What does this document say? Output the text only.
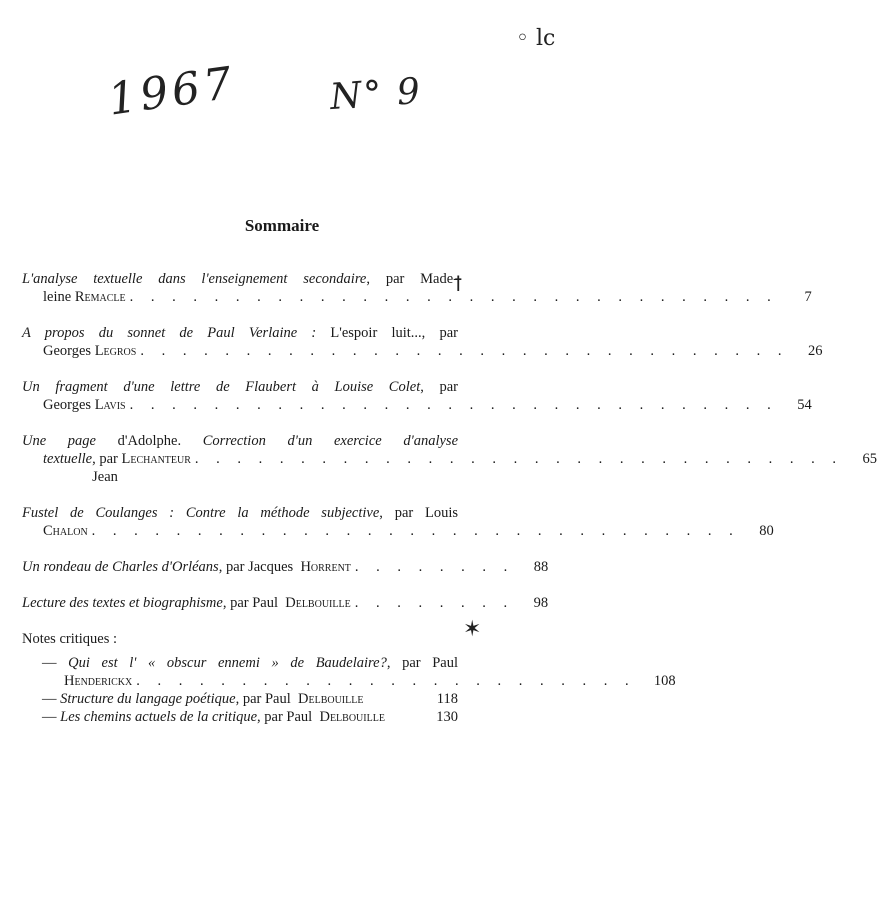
1967 N° 9
◦ lc
ꝉ
✶
Sommaire
L'analyse textuelle dans l'enseignement secondaire, par Made-
leine
Remacle . . . . . . . . . . . . . . . . . . . . . . . . . . . . . . .	7
A propos du sonnet de Paul Verlaine : L'espoir luit..., par
Georges
Legros . . . . . . . . . . . . . . . . . . . . . . . . . . . . . . .	26
Un fragment d'une lettre de Flaubert à Louise Colet, par
Georges
Lavis . . . . . . . . . . . . . . . . . . . . . . . . . . . . . . .	54
Une page d'Adolphe. Correction d'un exercice d'analyse
textuelle , par Jean

Lechanteur . . . . . . . . . . . . . . . . . . . . . . . . . . . . . . .	65
Fustel de Coulanges : Contre la méthode subjective, par Louis
Chalon . . . . . . . . . . . . . . . . . . . . . . . . . . . . . . .	80
Un rondeau de Charles d'Orléans, par Jacques  Horrent . . . . . . . .	88
Lecture des textes et biographisme, par Paul  Delbouille . . . . . . . .	98
Notes critiques :
— Qui est l' « obscur ennemi » de Baudelaire?, par Paul
Henderickx . . . . . . . . . . . . . . . . . . . . . . . .	108
— Structure du langage poétique, par Paul  Delbouille	118
— Les chemins actuels de la critique, par Paul  Delbouille	130
